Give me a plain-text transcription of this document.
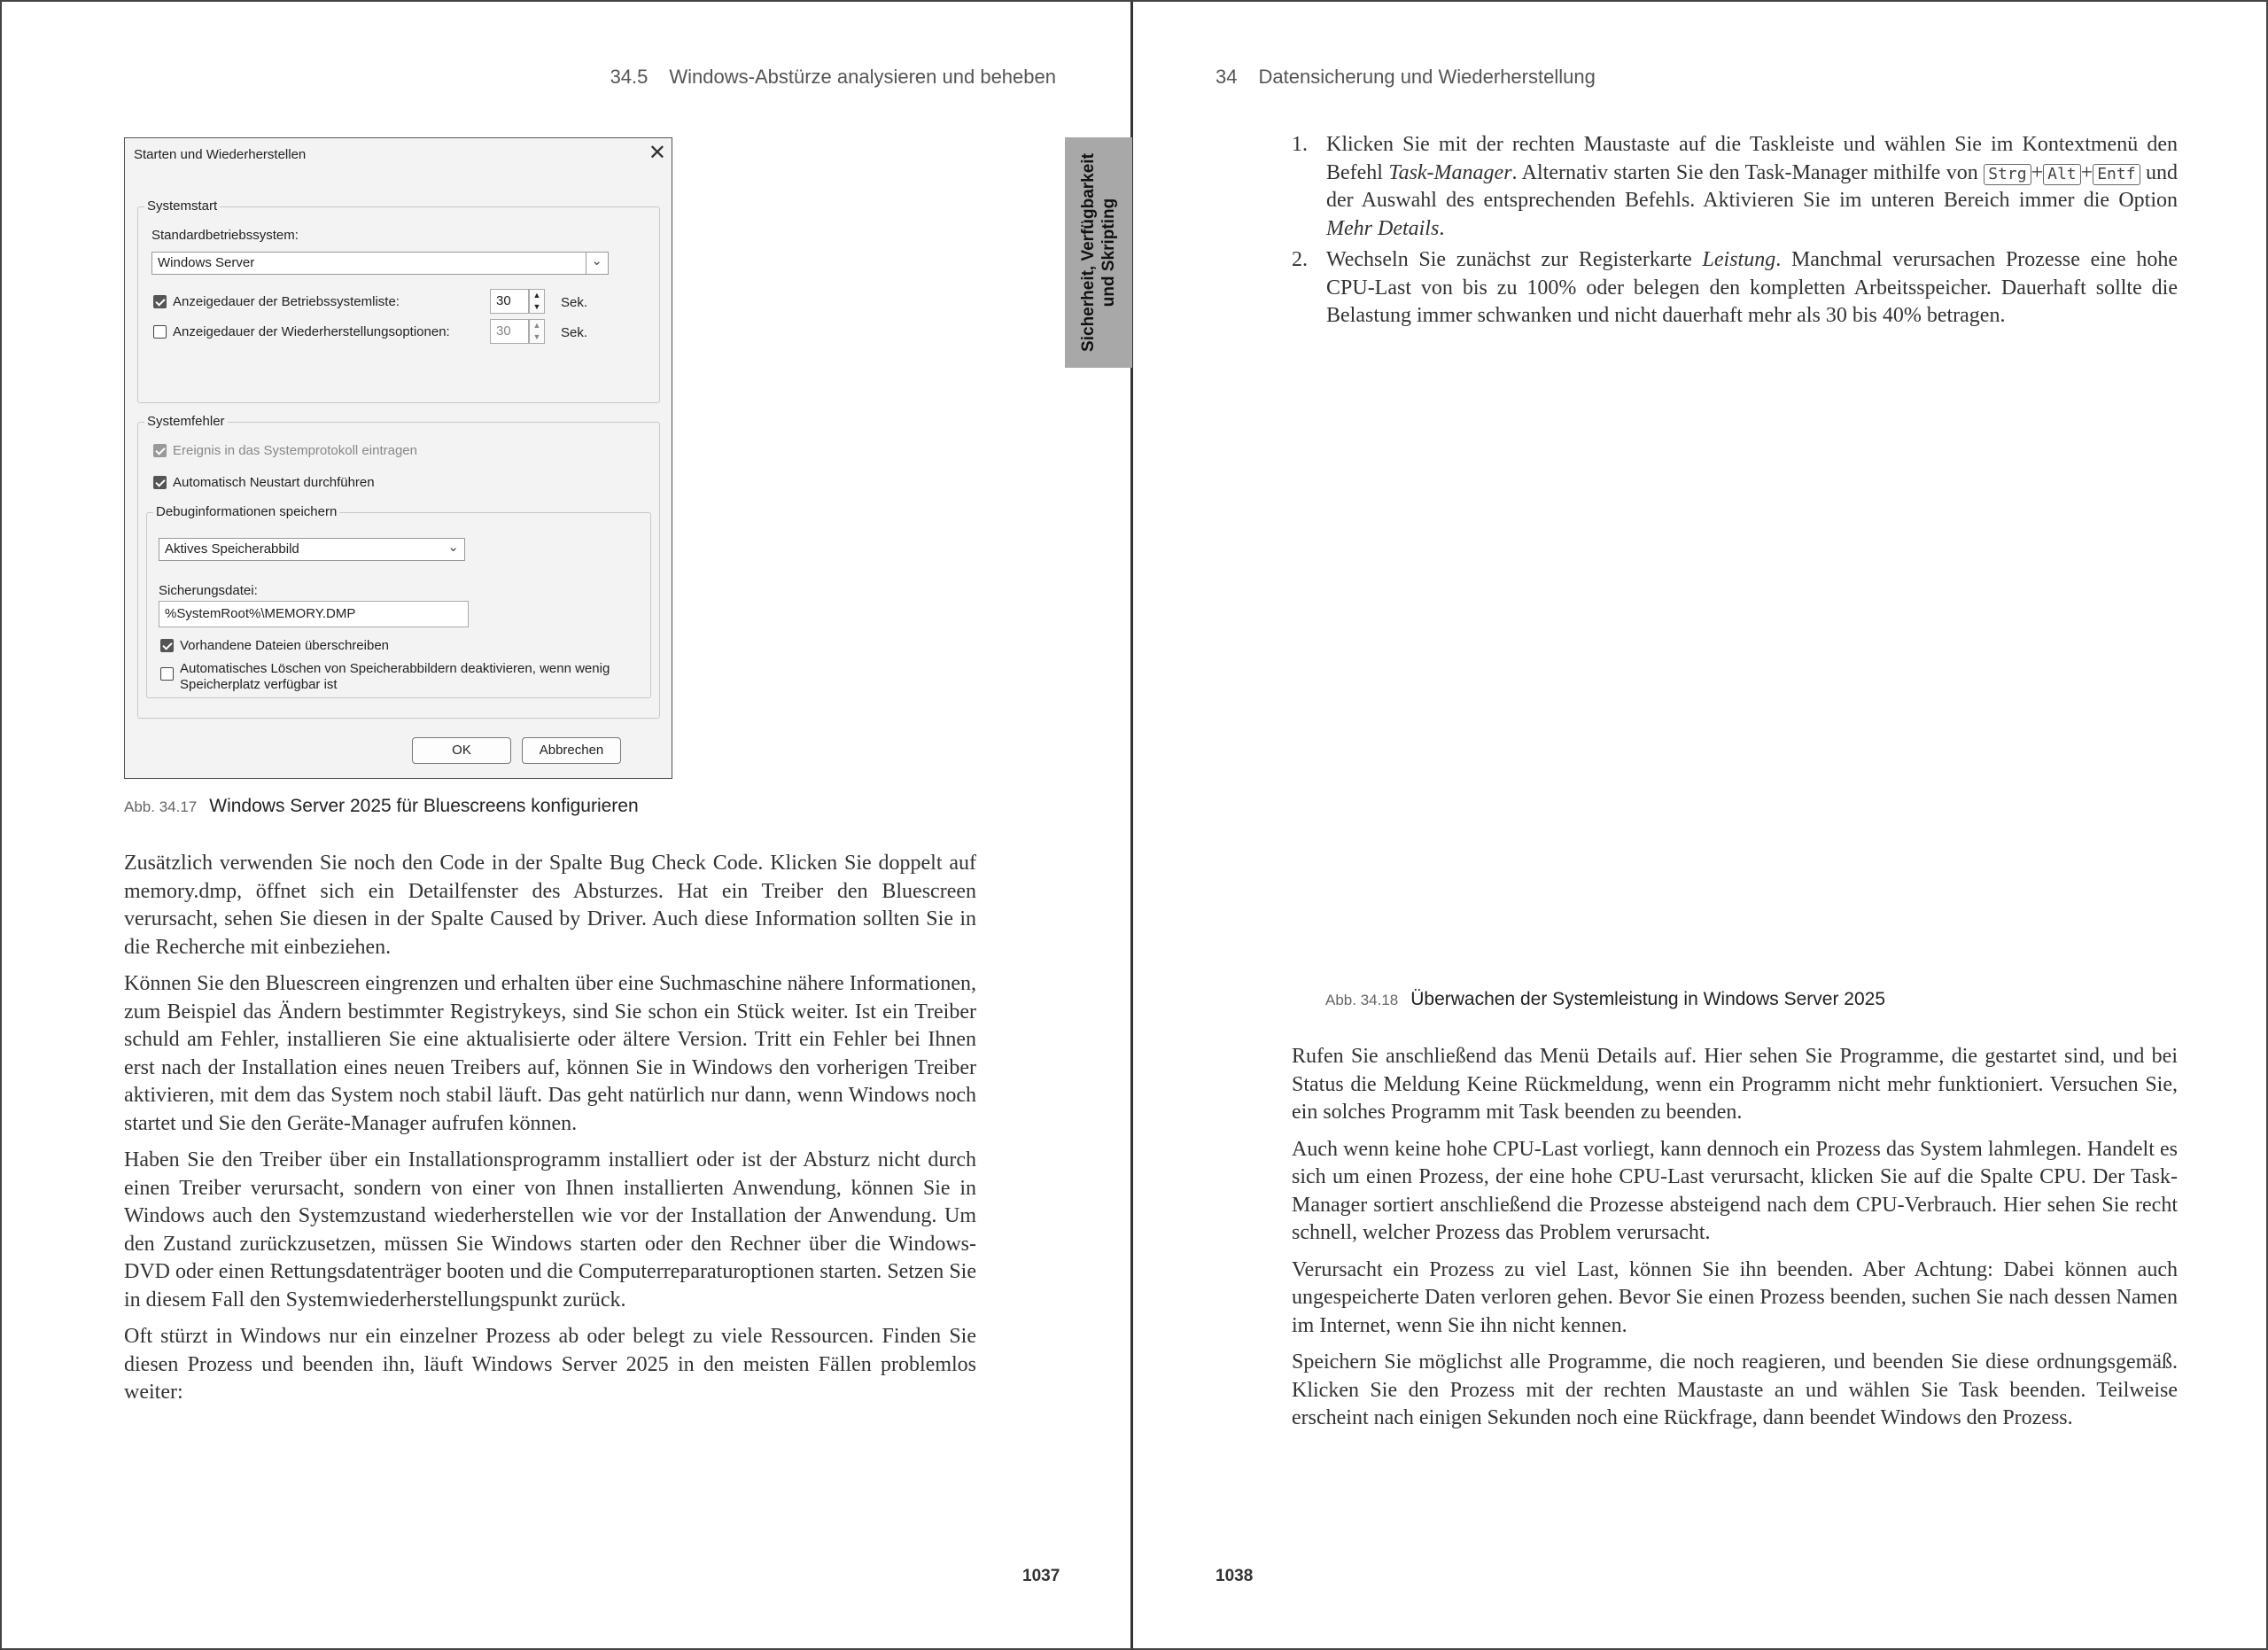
34.5 Windows-Abstürze analysieren und beheben
Sicherheit, Verfügbarkeit und Skripting
Starten und Wiederherstellen	✕
Systemstart
Standardbetriebssystem:
Windows Server	⌄
Anzeigedauer der Betriebssystemliste:	30	▲
▼	Sek.
Anzeigedauer der Wiederherstellungsoptionen:	30	▲
▼	Sek.
Systemfehler
Ereignis in das Systemprotokoll eintragen
Automatisch Neustart durchführen
Debuginformationen speichern
Aktives Speicherabbild	⌄
Sicherungsdatei:
%SystemRoot%\MEMORY.DMP
Vorhandene Dateien überschreiben
Automatisches Löschen von Speicherabbildern deaktivieren, wenn wenig
Speicherplatz verfügbar ist
OK	Abbrechen
Abb. 34.17 Windows Server 2025 für Bluescreens konfigurieren

Zusätzlich verwenden Sie noch den Code in der Spalte Bug Check Code. Klicken Sie doppelt auf memory.dmp, öffnet sich ein Detailfenster des Absturzes. Hat ein Treiber den Bluescreen verursacht, sehen Sie diesen in der Spalte Caused by Driver. Auch diese Information sollten Sie in die Recherche mit einbeziehen.

Können Sie den Bluescreen eingrenzen und erhalten über eine Suchmaschine nähere Informationen, zum Beispiel das Ändern bestimmter Registrykeys, sind Sie schon ein Stück weiter. Ist ein Treiber schuld am Fehler, installieren Sie eine aktualisierte oder ältere Version. Tritt ein Fehler bei Ihnen erst nach der Installation eines neuen Treibers auf, können Sie in Windows den vorherigen Treiber aktivieren, mit dem das System noch stabil läuft. Das geht natürlich nur dann, wenn Windows noch startet und Sie den Geräte-Manager aufrufen können.

Haben Sie den Treiber über ein Installationsprogramm installiert oder ist der Absturz nicht durch einen Treiber verursacht, sondern von einer von Ihnen installierten Anwendung, können Sie in Windows auch den Systemzustand wiederherstellen wie vor der Installation der Anwendung. Um den Zustand zurückzusetzen, müssen Sie Windows starten oder den Rechner über die Windows-DVD oder einen Rettungsdatenträger booten und die Computerreparaturoptionen starten. Setzen Sie in diesem Fall den Systemwiederherstellungspunkt zurück.

Oft stürzt in Windows nur ein einzelner Prozess ab oder belegt zu viele Ressourcen. Finden Sie diesen Prozess und beenden ihn, läuft Windows Server 2025 in den meisten Fällen problemlos weiter:

1037
34 Datensicherung und Wiederherstellung
1. Klicken Sie mit der rechten Maustaste auf die Taskleiste und wählen Sie im Kontextmenü den Befehl Task-Manager. Alternativ starten Sie den Task-Manager mithilfe von Strg + Alt + Entf und der Auswahl des entsprechenden Befehls. Aktivieren Sie im unteren Bereich immer die Option Mehr Details.
2. Wechseln Sie zunächst zur Registerkarte Leistung. Manchmal verursachen Prozesse eine hohe CPU-Last von bis zu 100% oder belegen den kompletten Arbeitsspeicher. Dauerhaft sollte die Belastung immer schwanken und nicht dauerhaft mehr als 30 bis 40% betragen.
Abb. 34.18 Überwachen der Systemleistung in Windows Server 2025

Rufen Sie anschließend das Menü Details auf. Hier sehen Sie Programme, die gestartet sind, und bei Status die Meldung Keine Rückmeldung, wenn ein Programm nicht mehr funktioniert. Versuchen Sie, ein solches Programm mit Task beenden zu beenden.

Auch wenn keine hohe CPU-Last vorliegt, kann dennoch ein Prozess das System lahmlegen. Handelt es sich um einen Prozess, der eine hohe CPU-Last verursacht, klicken Sie auf die Spalte CPU. Der Task-Manager sortiert anschließend die Prozesse absteigend nach dem CPU-Verbrauch. Hier sehen Sie recht schnell, welcher Prozess das Problem verursacht.

Verursacht ein Prozess zu viel Last, können Sie ihn beenden. Aber Achtung: Dabei können auch ungespeicherte Daten verloren gehen. Bevor Sie einen Prozess beenden, suchen Sie nach dessen Namen im Internet, wenn Sie ihn nicht kennen.

Speichern Sie möglichst alle Programme, die noch reagieren, und beenden Sie diese ordnungsgemäß. Klicken Sie den Prozess mit der rechten Maustaste an und wählen Sie Task beenden. Teilweise erscheint nach einigen Sekunden noch eine Rückfrage, dann beendet Windows den Prozess.

1038
